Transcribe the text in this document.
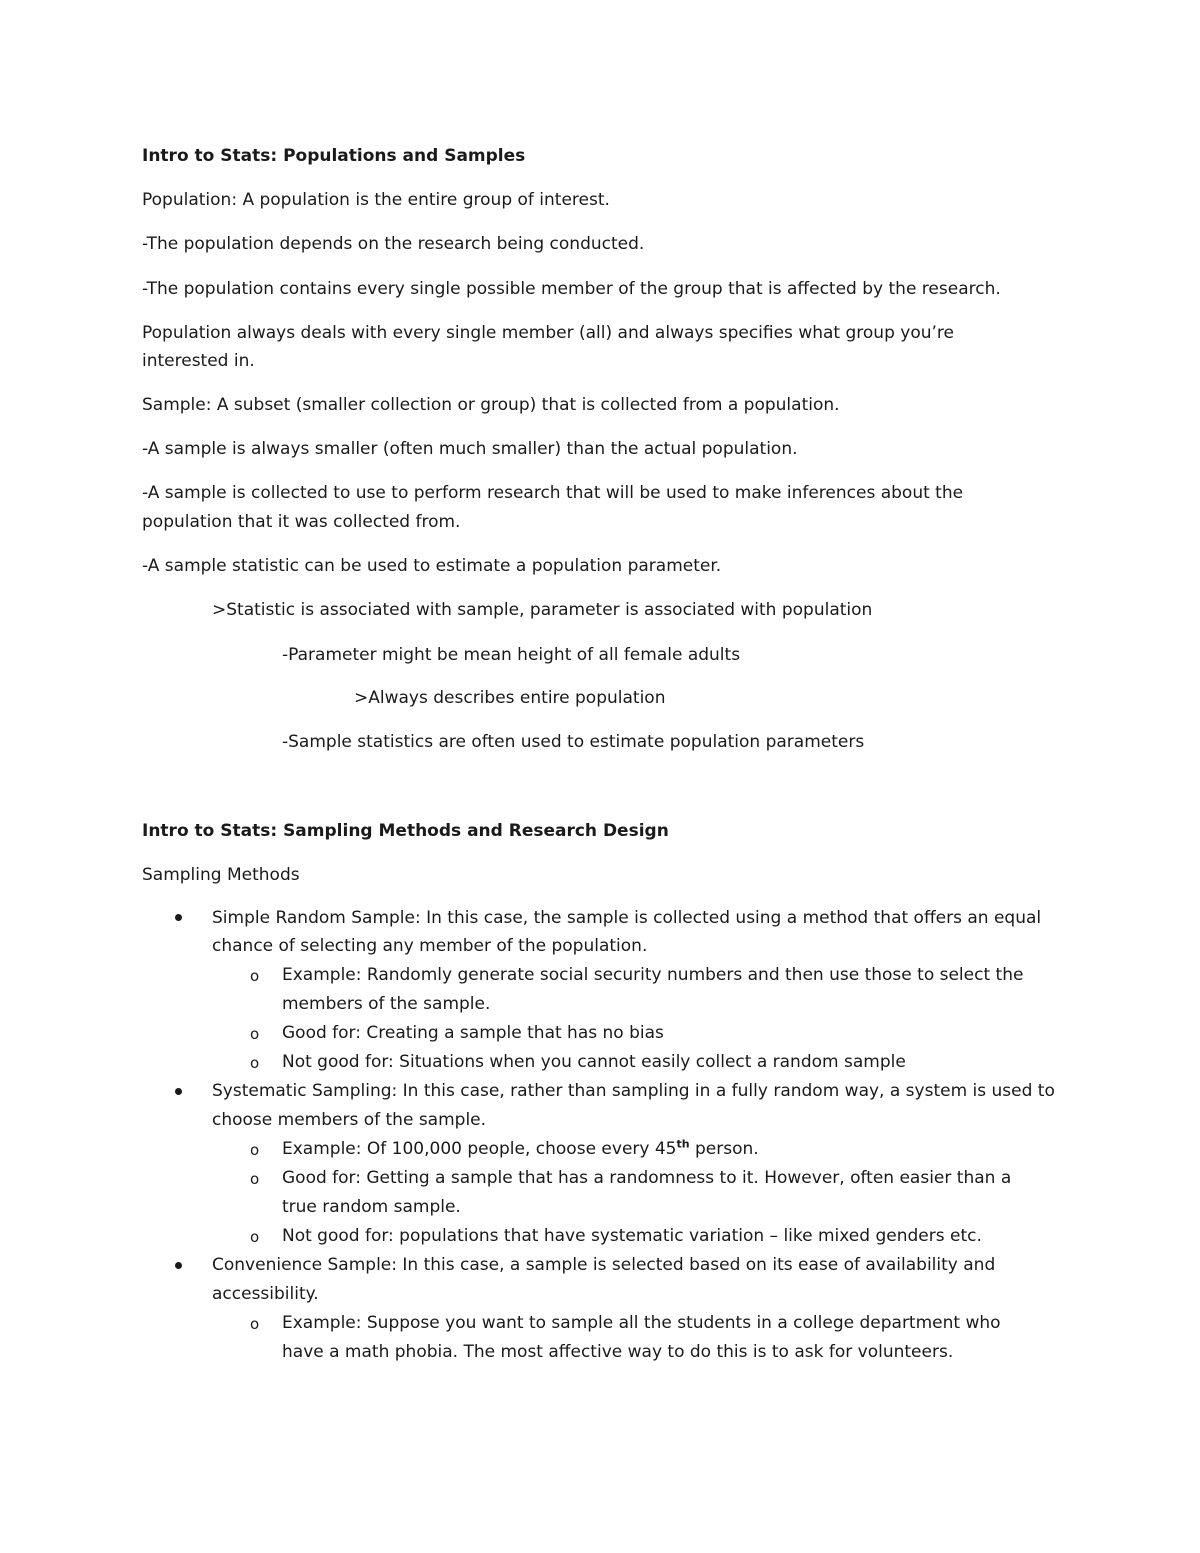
Intro to Stats: Populations and Samples
Population: A population is the entire group of interest.
-The population depends on the research being conducted.
-The population contains every single possible member of the group that is affected by the research.
Population always deals with every single member (all) and always specifies what group you’re
interested in.
Sample: A subset (smaller collection or group) that is collected from a population.
-A sample is always smaller (often much smaller) than the actual population.
-A sample is collected to use to perform research that will be used to make inferences about the
population that it was collected from.
-A sample statistic can be used to estimate a population parameter.
>Statistic is associated with sample, parameter is associated with population
-Parameter might be mean height of all female adults
>Always describes entire population
-Sample statistics are often used to estimate population parameters
Intro to Stats: Sampling Methods and Research Design
Sampling Methods
Simple Random Sample: In this case, the sample is collected using a method that offers an equal
chance of selecting any member of the population.
o Example: Randomly generate social security numbers and then use those to select the
members of the sample.
o Good for: Creating a sample that has no bias
o Not good for: Situations when you cannot easily collect a random sample
Systematic Sampling: In this case, rather than sampling in a fully random way, a system is used to
choose members of the sample.
o Example: Of 100,000 people, choose every 45th person.
o Good for: Getting a sample that has a randomness to it. However, often easier than a
true random sample.
o Not good for: populations that have systematic variation – like mixed genders etc.
Convenience Sample: In this case, a sample is selected based on its ease of availability and
accessibility.
o Example: Suppose you want to sample all the students in a college department who
have a math phobia. The most affective way to do this is to ask for volunteers.
